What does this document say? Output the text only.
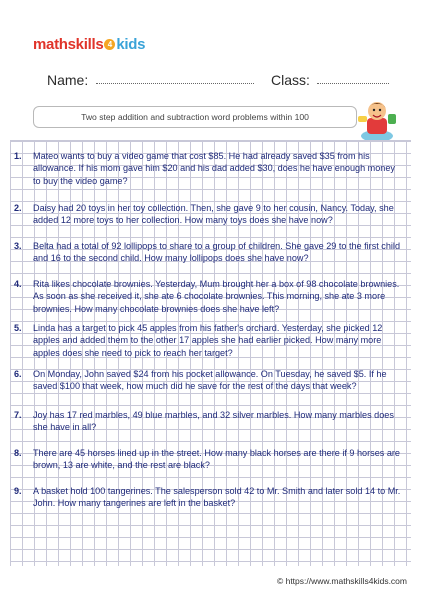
mathskills 4 kids
Name:	Class:
Two step addition and subtraction word problems within 100
1. Mateo wants to buy a video game that cost $85. He had already saved $35 from his allowance. If his mom gave him $20 and his dad added $30, does he have enough money to buy the video game?
2. Daisy had 20 toys in her toy collection. Then, she gave 9 to her cousin, Nancy. Today, she added 12 more toys to her collection. How many toys does she have now?
3. Belta had a total of 92 lollipops to share to a group of children. She gave 29 to the first child and 16 to the second child. How many lollipops does she have now?
4. Rita likes chocolate brownies. Yesterday, Mum brought her a box of 98 chocolate brownies. As soon as she received it, she ate 6 chocolate brownies. This morning, she ate 3 more brownies. How many chocolate brownies does she have left?
5. Linda has a target to pick 45 apples from his father's orchard. Yesterday, she picked 12 apples and added them to the other 17 apples she had earlier picked. How many more apples does she need to pick to reach her target?
6. On Monday, John saved $24 from his pocket allowance. On Tuesday, he saved $5. If he saved $100 that week, how much did he save for the rest of the days that week?
7. Joy has 17 red marbles, 49 blue marbles, and 32 silver marbles. How many marbles does she have in all?
8. There are 45 horses lined up in the street. How many black horses are there if 9 horses are brown, 13 are white, and the rest are black?
9. A basket hold 100 tangerines. The salesperson sold 42 to Mr. Smith and later sold 14 to Mr. John. How many tangerines are left in the basket?
© https://www.mathskills4kids.com
